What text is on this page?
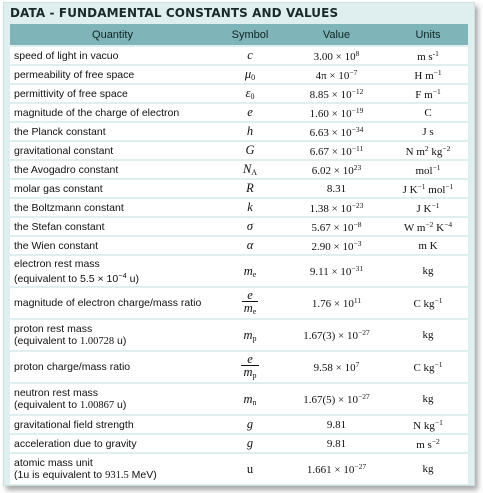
DATA - FUNDAMENTAL CONSTANTS AND VALUES
Quantity	Symbol	Value	Units
speed of light in vacuo	c	$3.00 \times 10^8$	m $s^{-1}$
permeability of free space	$\mu_0$	$4\pi \times 10^{-7}$	H $m^{-1}$
permittivity of free space	$\varepsilon_0$	$8.85 \times 10^{-12}$	F $m^{-1}$
magnitude of the charge of electron	e	$1.60 \times 10^{-19}$	C
the Planck constant	h	$6.63 \times 10^{-34}$	J s
gravitational constant	G	$6.67 \times 10^{-11}$	N $m^2$ $kg^{-2}$
the Avogadro constant	$N_A$	$6.02 \times 10^{23}$	mol$^{-1}$
molar gas constant	R	8.31	J $K^{-1}$ mol$^{-1}$
the Boltzmann constant	k	$1.38 \times 10^{-23}$	J $K^{-1}$
the Stefan constant	σ	$5.67 \times 10^{-8}$	W $m^{-2}$ $K^{-4}$
the Wien constant	α	$2.90 \times 10^{-3}$	m K
electron rest mass
(equivalent to $5.5 \times 10^{-4}$ u)	$m_e$	$9.11 \times 10^{-31}$	kg
magnitude of electron charge/mass ratio	$\frac{e}{m_e}$	$1.76 \times 10^{11}$	C $kg^{-1}$
proton rest mass
(equivalent to 1.00728 u)	$m_p$	$1.67(3) \times 10^{-27}$	kg
proton charge/mass ratio	$\frac{e}{m_p}$	$9.58 \times 10^7$	C $kg^{-1}$
neutron rest mass
(equivalent to 1.00867 u)	$m_n$	$1.67(5) \times 10^{-27}$	kg
gravitational field strength	g	9.81	N $kg^{-1}$
acceleration due to gravity	g	9.81	m $s^{-2}$
atomic mass unit
(1u is equivalent to 931.5 MeV)	u	$1.661 \times 10^{-27}$	kg
